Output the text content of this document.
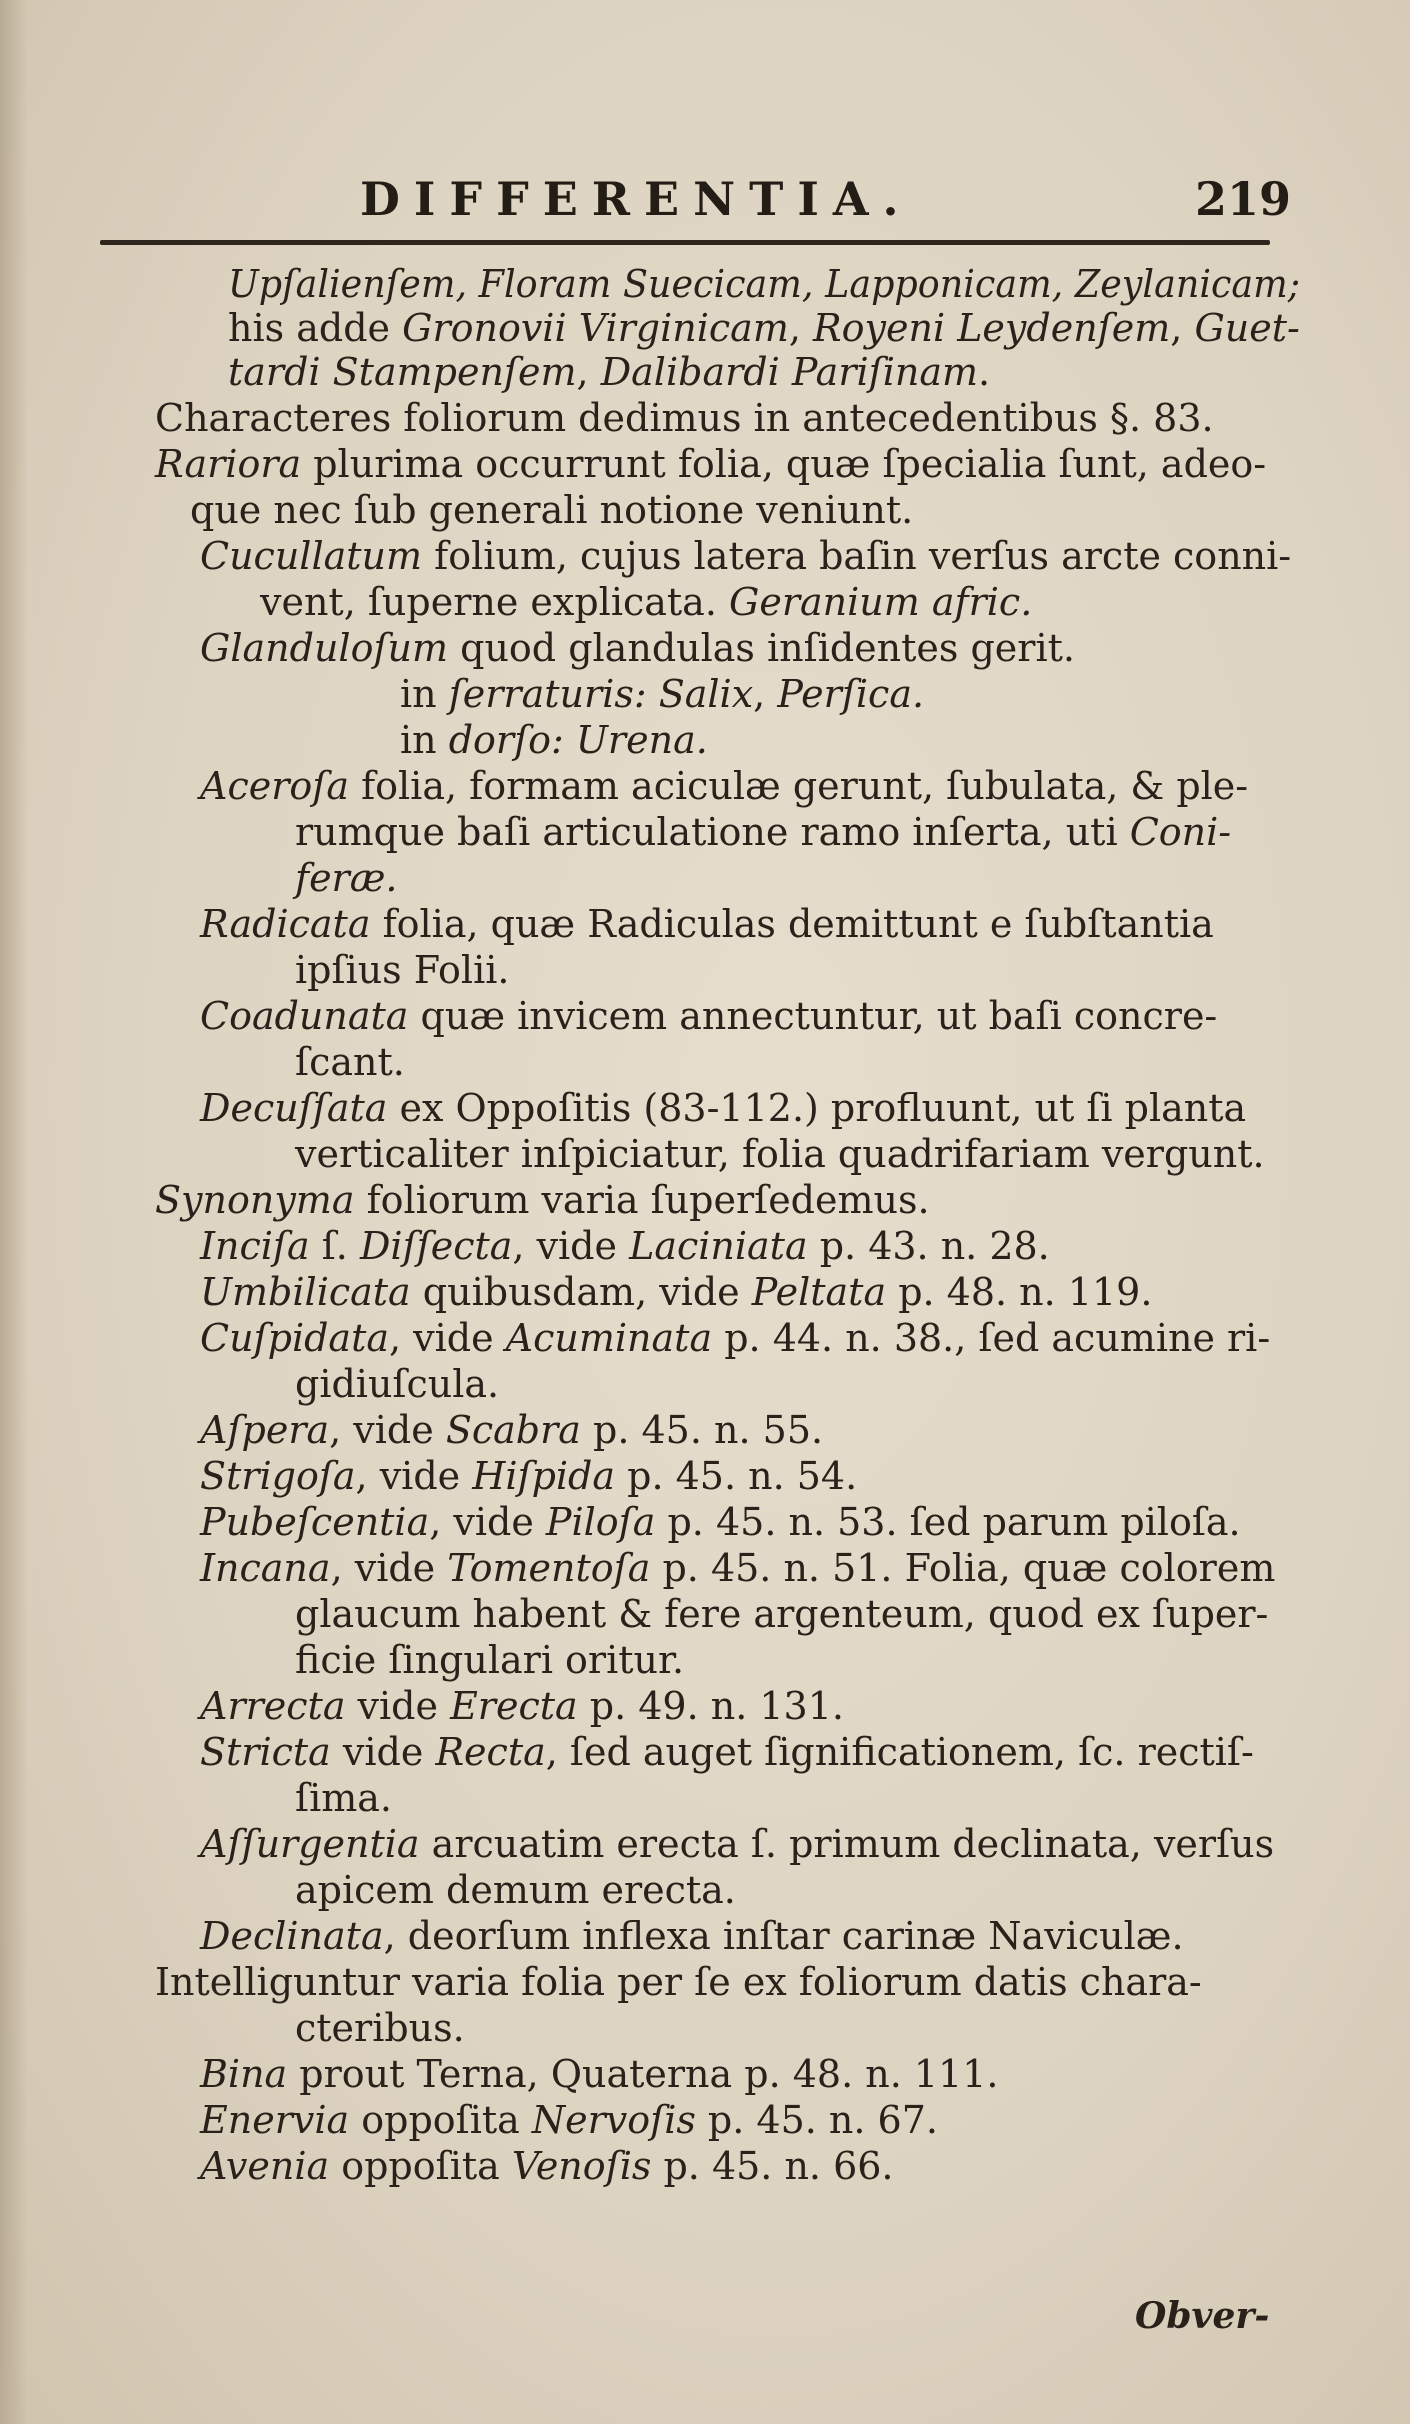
DIFFERENTIA.	219
Upſalienſem, Floram Suecicam, Lapponicam, Zeylanicam;
his adde Gronovii Virginicam, Royeni Leydenſem, Guet-
tardi Stampenſem, Dalibardi Pariſinam.
Characteres foliorum dedimus in antecedentibus §. 83.
Rariora plurima occurrunt folia, quæ ſpecialia ſunt, adeo-
que nec ſub generali notione veniunt.
Cucullatum folium, cujus latera baſin verſus arcte conni-
vent, ſuperne explicata. Geranium afric.
Glanduloſum quod glandulas inſidentes gerit.
in ſerraturis: Salix, Perſica.
in dorſo: Urena.
Aceroſa folia, formam aciculæ gerunt, ſubulata, & ple-
rumque baſi articulatione ramo inſerta, uti Coni-
feræ.
Radicata folia, quæ Radiculas demittunt e ſubſtantia
ipſius Folii.
Coadunata quæ invicem annectuntur, ut baſi concre-
ſcant.
Decuſſata ex Oppoſitis (83-112.) profluunt, ut ſi planta
verticaliter inſpiciatur, folia quadrifariam vergunt.
Synonyma foliorum varia ſuperſedemus.
Inciſa ſ. Diſſecta, vide Laciniata p. 43. n. 28.
Umbilicata quibusdam, vide Peltata p. 48. n. 119.
Cuſpidata, vide Acuminata p. 44. n. 38., ſed acumine ri-
gidiuſcula.
Aſpera, vide Scabra p. 45. n. 55.
Strigoſa, vide Hiſpida p. 45. n. 54.
Pubeſcentia, vide Piloſa p. 45. n. 53. ſed parum piloſa.
Incana, vide Tomentoſa p. 45. n. 51. Folia, quæ colorem
glaucum habent & fere argenteum, quod ex ſuper-
ficie ſingulari oritur.
Arrecta vide Erecta p. 49. n. 131.
Stricta vide Recta, ſed auget ſignificationem, ſc. rectiſ-
ſima.
Aſſurgentia arcuatim erecta ſ. primum declinata, verſus
apicem demum erecta.
Declinata, deorſum inflexa inſtar carinæ Naviculæ.
Intelliguntur varia folia per ſe ex foliorum datis chara-
cteribus.
Bina prout Terna, Quaterna p. 48. n. 111.
Enervia oppoſita Nervoſis p. 45. n. 67.
Avenia oppoſita Venoſis p. 45. n. 66.
Obver-
